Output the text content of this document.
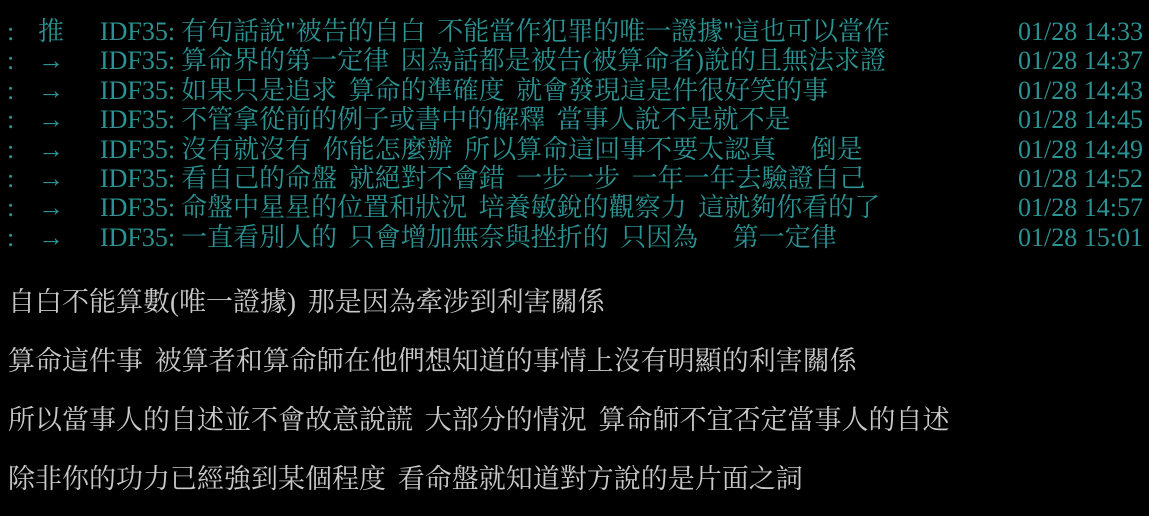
: 推	IDF35: 有句話說"被告的自白 不能當作犯罪的唯一證據"這也可以當作	01/28 14:33
: →	IDF35: 算命界的第一定律 因為話都是被告(被算命者)說的且無法求證	01/28 14:37
: →	IDF35: 如果只是追求 算命的準確度 就會發現這是件很好笑的事	01/28 14:43
: →	IDF35: 不管拿從前的例子或書中的解釋 當事人說不是就不是	01/28 14:45
: →	IDF35: 沒有就沒有 你能怎麼辦 所以算命這回事不要太認真   倒是	01/28 14:49
: →	IDF35: 看自己的命盤 就絕對不會錯 一步一步 一年一年去驗證自己	01/28 14:52
: →	IDF35: 命盤中星星的位置和狀況 培養敏銳的觀察力 這就夠你看的了	01/28 14:57
: →	IDF35: 一直看別人的 只會增加無奈與挫折的 只因為   第一定律	01/28 15:01

自白不能算數(唯一證據) 那是因為牽涉到利害關係

算命這件事 被算者和算命師在他們想知道的事情上沒有明顯的利害關係

所以當事人的自述並不會故意說謊 大部分的情況 算命師不宜否定當事人的自述

除非你的功力已經強到某個程度 看命盤就知道對方說的是片面之詞
